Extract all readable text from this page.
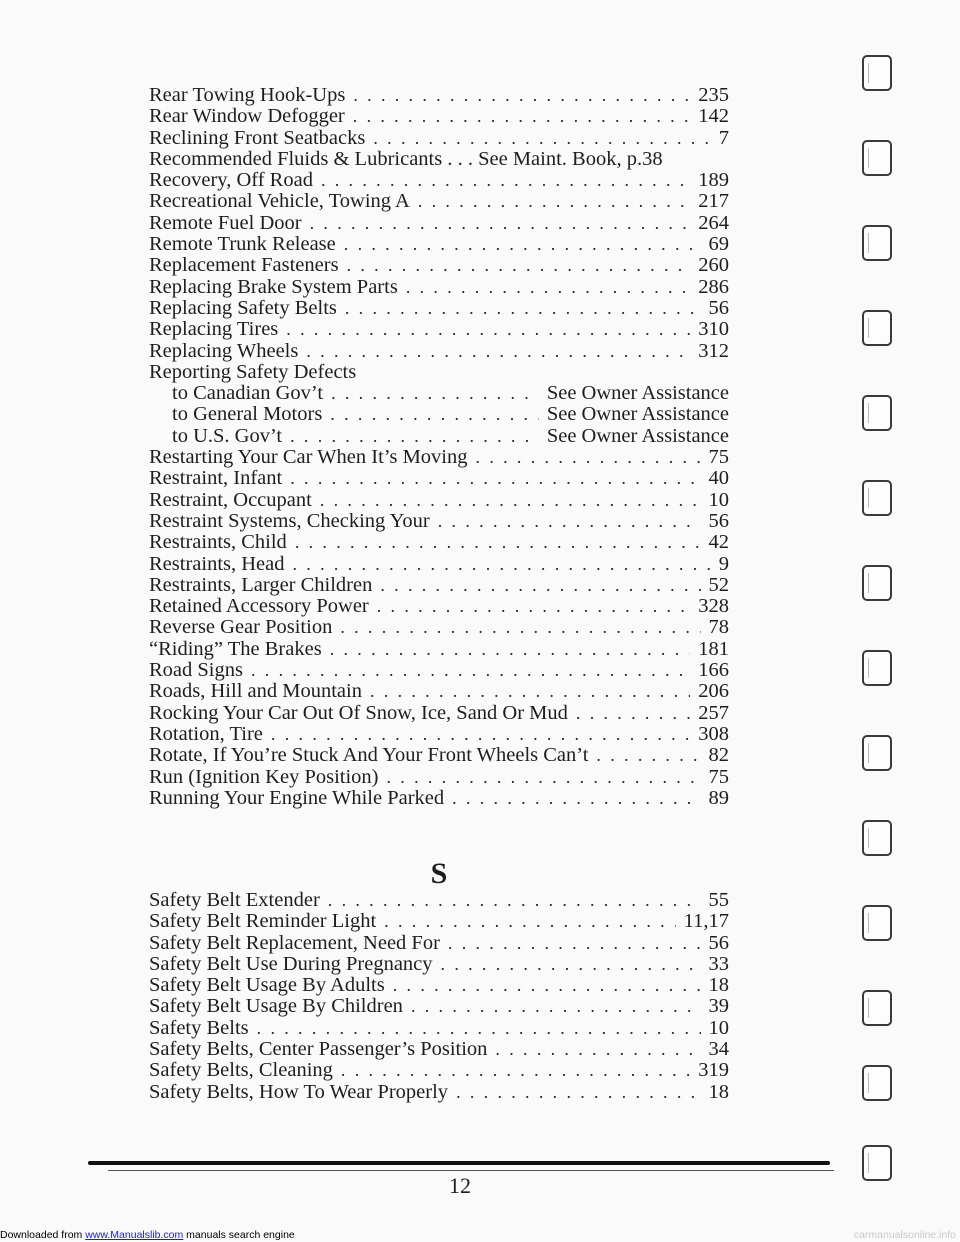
Rear Towing Hook-Ups . . .	235
Rear Window Defogger . . .	142
Reclining Front Seatbacks . . .	7
Recommended Fluids & Lubricants . . . See Maint. Book, p.38
Recovery, Off Road . . .	189
Recreational Vehicle, Towing A . . .	217
Remote Fuel Door . . .	264
Remote Trunk Release . . .	69
Replacement Fasteners . . .	260
Replacing Brake System Parts . . .	286
Replacing Safety Belts . . .	56
Replacing Tires . . .	310
Replacing Wheels . . .	312
Reporting Safety Defects
to Canadian Gov’t . . .	See Owner Assistance
to General Motors . . .	See Owner Assistance
to U.S. Gov’t . . .	See Owner Assistance
Restarting Your Car When It’s Moving . . .	75
Restraint, Infant . . .	40
Restraint, Occupant . . .	10
Restraint Systems, Checking Your . . .	56
Restraints, Child . . .	42
Restraints, Head . . .	9
Restraints, Larger Children . . .	52
Retained Accessory Power . . .	328
Reverse Gear Position . . .	78
“Riding” The Brakes . . .	181
Road Signs . . .	166
Roads, Hill and Mountain . . .	206
Rocking Your Car Out Of Snow, Ice, Sand Or Mud . . .	257
Rotation, Tire . . .	308
Rotate, If You’re Stuck And Your Front Wheels Can’t . . .	82
Run (Ignition Key Position) . . .	75
Running Your Engine While Parked . . .	89
S
Safety Belt Extender . . .	55
Safety Belt Reminder Light . . .	11,17
Safety Belt Replacement, Need For . . .	56
Safety Belt Use During Pregnancy . . .	33
Safety Belt Usage By Adults . . .	18
Safety Belt Usage By Children . . .	39
Safety Belts . . .	10
Safety Belts, Center Passenger’s Position . . .	34
Safety Belts, Cleaning . . .	319
Safety Belts, How To Wear Properly . . .	18
12
Downloaded from www.Manualslib.com manuals search engine	carmanualsonline.info
